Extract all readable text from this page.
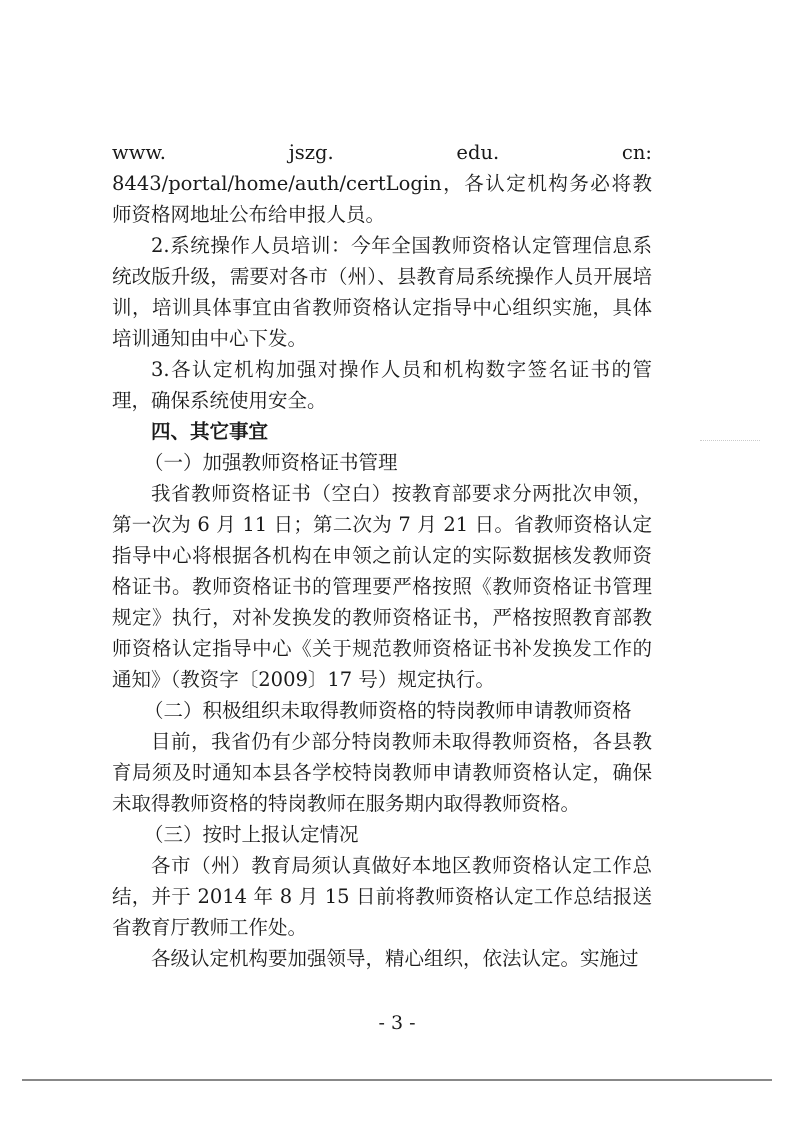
www. jszg. edu. cn: 8443/portal/home/auth/certLogin，各认定机构务必将教师资格网地址公布给申报人员。

2.系统操作人员培训：今年全国教师资格认定管理信息系统改版升级，需要对各市（州）、县教育局系统操作人员开展培训，培训具体事宜由省教师资格认定指导中心组织实施，具体培训通知由中心下发。

3.各认定机构加强对操作人员和机构数字签名证书的管理，确保系统使用安全。

四、其它事宜

（一）加强教师资格证书管理

我省教师资格证书（空白）按教育部要求分两批次申领，第一次为 6 月 11 日；第二次为 7 月 21 日。省教师资格认定指导中心将根据各机构在申领之前认定的实际数据核发教师资格证书。教师资格证书的管理要严格按照《教师资格证书管理规定》执行，对补发换发的教师资格证书，严格按照教育部教师资格认定指导中心《关于规范教师资格证书补发换发工作的通知》（教资字〔2009〕17 号）规定执行。

（二）积极组织未取得教师资格的特岗教师申请教师资格

目前，我省仍有少部分特岗教师未取得教师资格，各县教育局须及时通知本县各学校特岗教师申请教师资格认定，确保未取得教师资格的特岗教师在服务期内取得教师资格。

（三）按时上报认定情况

各市（州）教育局须认真做好本地区教师资格认定工作总结，并于 2014 年 8 月 15 日前将教师资格认定工作总结报送省教育厅教师工作处。

各级认定机构要加强领导，精心组织，依法认定。实施过

- 3 -
